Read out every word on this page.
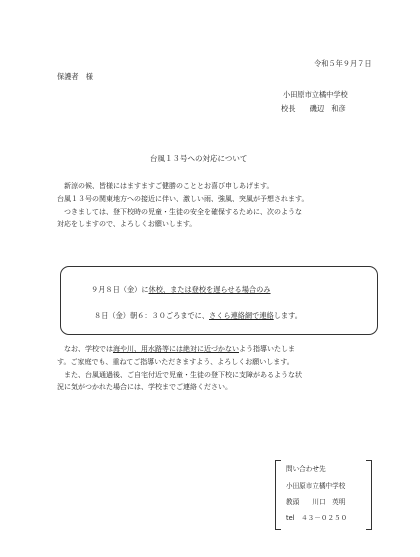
令和５年９月７日
保護者　様
小田原市立橘中学校
校長　　磯辺　和彦
台風１３号への対応について

新涼の候、皆様にはますますご健勝のこととお喜び申しあげます。

台風１３号の関東地方への接近に伴い、激しい雨、強風、突風が予想されます。

つきましては、登下校時の児童・生徒の安全を確保するために、次のような

対応をしますので、よろしくお願いします。

９月８日（金）に休校、または登校を遅らせる場合のみ
８日（金）朝６：３０ごろまでに、さくら連絡網で連絡します。

なお、学校では海や川、用水路等には絶対に近づかないよう指導いたしま

す。ご家庭でも、重ねてご指導いただきますよう、よろしくお願いします。

また、台風通過後、ご自宅付近で児童・生徒の登下校に支障があるような状

況に気がつかれた場合には、学校までご連絡ください。

問い合わせ先
小田原市立橘中学校
教頭　　川口　英明
tel　４３－０２５０
